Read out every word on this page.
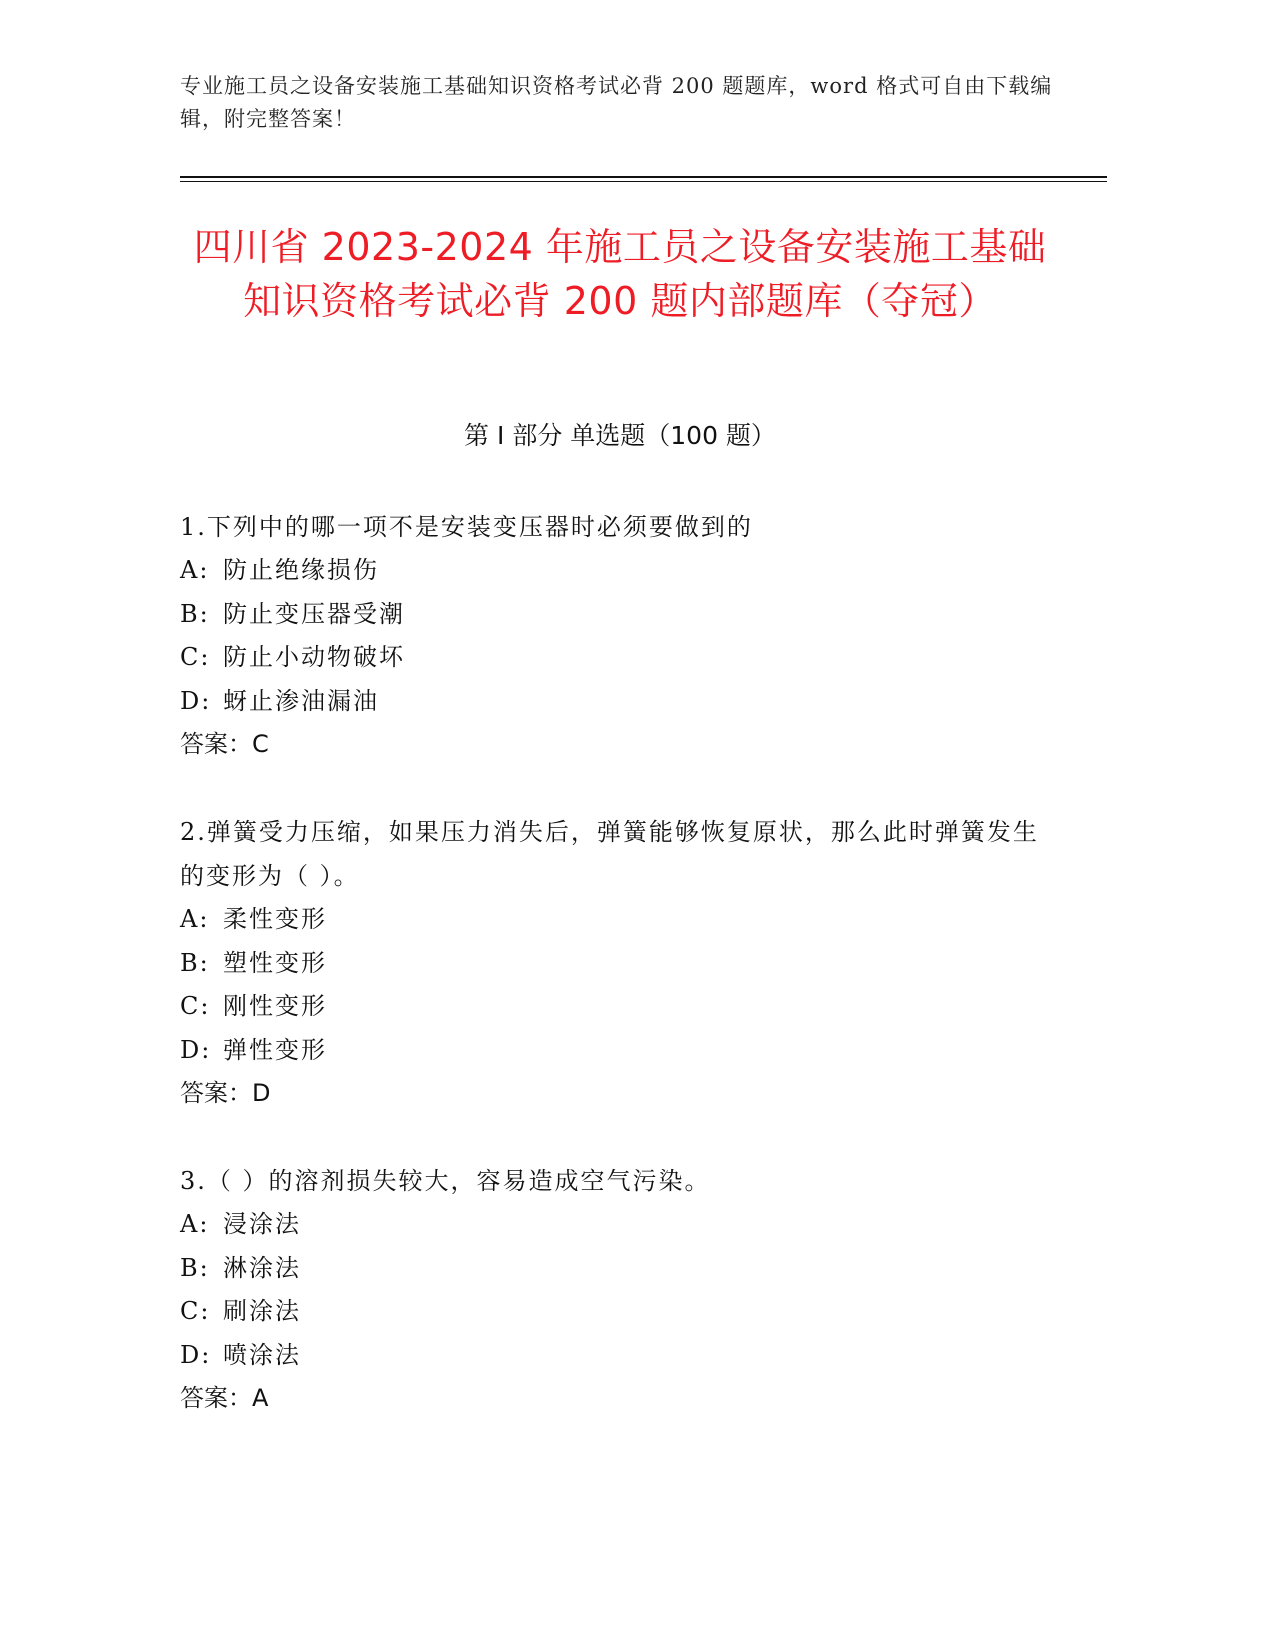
专业施工员之设备安装施工基础知识资格考试必背 200 题题库，word 格式可自由下载编辑，附完整答案！
四川省 2023-2024 年施工员之设备安装施工基础知识资格考试必背 200 题内部题库（夺冠）
第 I 部分 单选题（100 题）

1.下列中的哪一项不是安装变压器时必须要做到的

A: 防止绝缘损伤

B: 防止变压器受潮

C: 防止小动物破坏

D: 蚜止渗油漏油

答案：C

2.弹簧受力压缩，如果压力消失后，弹簧能够恢复原状，那么此时弹簧发生的变形为（ ）。

A: 柔性变形

B: 塑性变形

C: 刚性变形

D: 弹性变形

答案：D

3.（ ）的溶剂损失较大，容易造成空气污染。

A: 浸涂法

B: 淋涂法

C: 刷涂法

D: 喷涂法

答案：A
